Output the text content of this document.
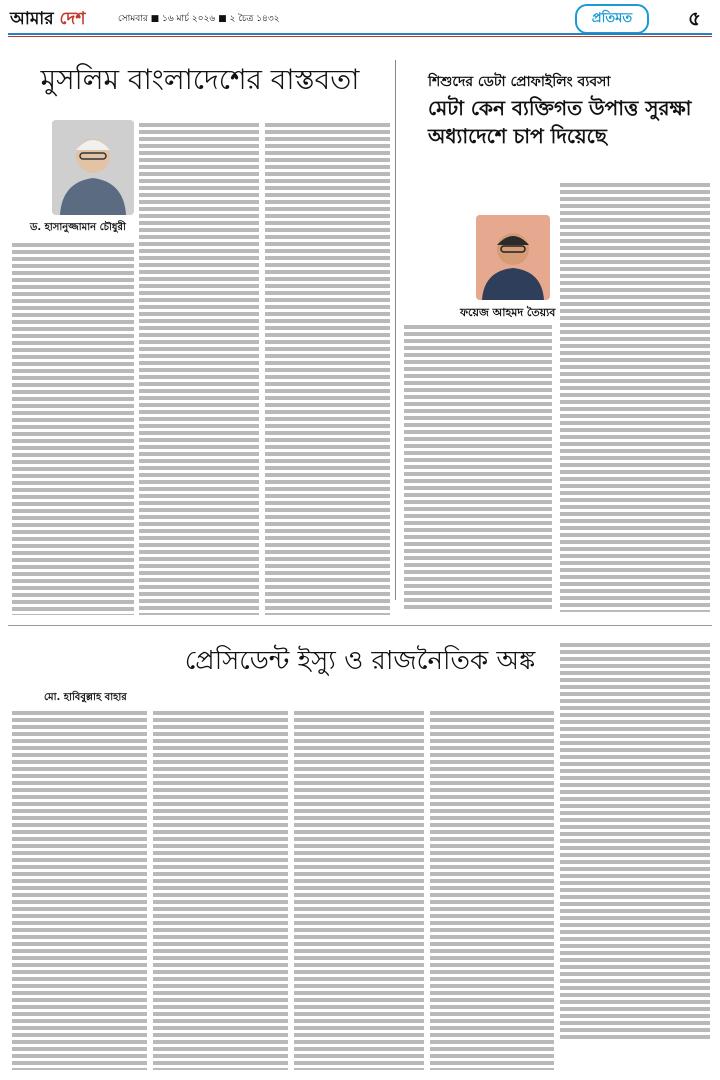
আমার দেশ	সোমবার ■ ১৬ মার্চ ২০২৬ ■ ২ চৈত্র ১৪৩২	প্রতিমত	৫
মুসলিম বাংলাদেশের বাস্তবতা
ড. হাসানুজ্জামান চৌধুরী
শিশুদের ডেটা প্রোফাইলিং ব্যবসা
মেটা কেন ব্যক্তিগত উপাত্ত সুরক্ষা অধ্যাদেশে চাপ দিয়েছে
ফয়েজ আহমদ তৈয়্যব
প্রেসিডেন্ট ইস্যু ও রাজনৈতিক অঙ্ক
মো. হাবিবুল্লাহ বাহার
